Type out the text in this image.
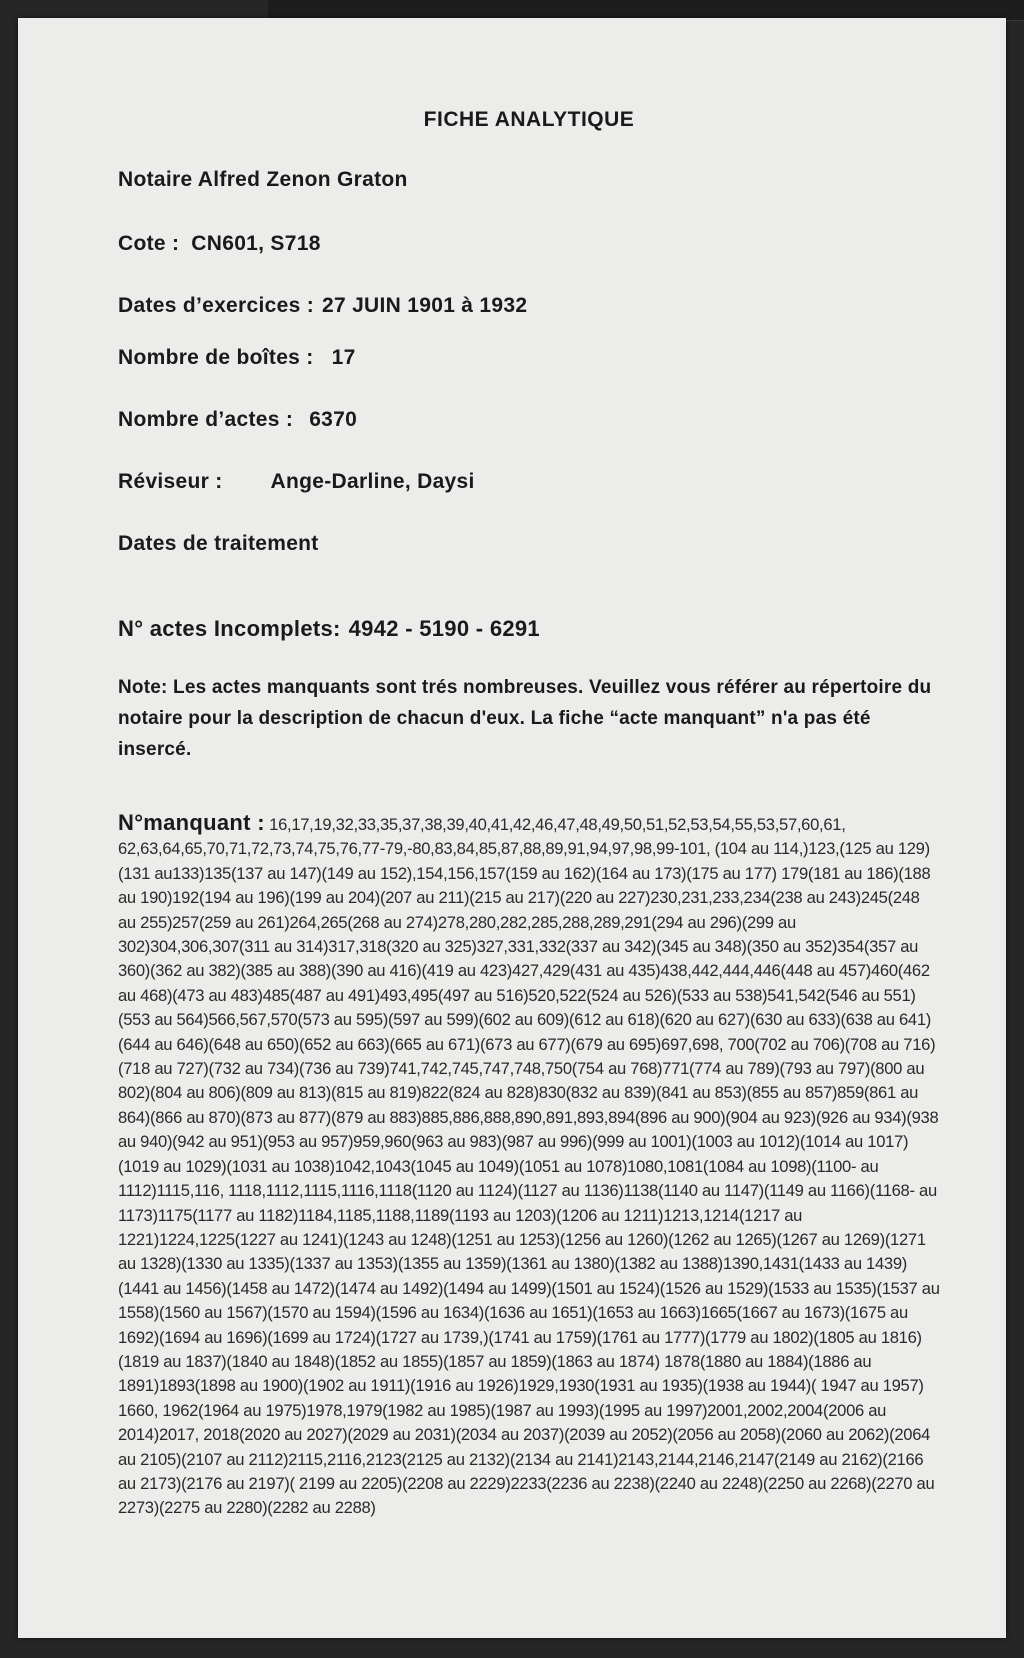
FICHE ANALYTIQUE

Notaire Alfred Zenon Graton

Cote : CN601, S718

Dates d’exercices : 27 JUIN 1901 à 1932

Nombre de boîtes : 17

Nombre d’actes : 6370

Réviseur : Ange-Darline, Daysi

Dates de traitement

N° actes Incomplets: 4942 - 5190 - 6291

Note: Les actes manquants sont trés nombreuses. Veuillez vous référer au répertoire du notaire pour la description de chacun d'eux. La fiche “acte manquant” n'a pas été insercé.

N°manquant : 16,17,19,32,33,35,37,38,39,40,41,42,46,47,48,49,50,51,52,53,54,55,53,57,60,61, 62,63,64,65,70,71,72,73,74,75,76,77-79,-80,83,84,85,87,88,89,91,94,97,98,99-101, (104 au 114,)123,(125 au 129)(131 au133)135(137 au 147)(149 au 152),154,156,157(159 au 162)(164 au 173)(175 au 177) 179(181 au 186)(188 au 190)192(194 au 196)(199 au 204)(207 au 211)(215 au 217)(220 au 227)230,231,233,234(238 au 243)245(248 au 255)257(259 au 261)264,265(268 au 274)278,280,282,285,288,289,291(294 au 296)(299 au 302)304,306,307(311 au 314)317,318(320 au 325)327,331,332(337 au 342)(345 au 348)(350 au 352)354(357 au 360)(362 au 382)(385 au 388)(390 au 416)(419 au 423)427,429(431 au 435)438,442,444,446(448 au 457)460(462 au 468)(473 au 483)485(487 au 491)493,495(497 au 516)520,522(524 au 526)(533 au 538)541,542(546 au 551)(553 au 564)566,567,570(573 au 595)(597 au 599)(602 au 609)(612 au 618)(620 au 627)(630 au 633)(638 au 641)(644 au 646)(648 au 650)(652 au 663)(665 au 671)(673 au 677)(679 au 695)697,698, 700(702 au 706)(708 au 716)(718 au 727)(732 au 734)(736 au 739)741,742,745,747,748,750(754 au 768)771(774 au 789)(793 au 797)(800 au 802)(804 au 806)(809 au 813)(815 au 819)822(824 au 828)830(832 au 839)(841 au 853)(855 au 857)859(861 au 864)(866 au 870)(873 au 877)(879 au 883)885,886,888,890,891,893,894(896 au 900)(904 au 923)(926 au 934)(938 au 940)(942 au 951)(953 au 957)959,960(963 au 983)(987 au 996)(999 au 1001)(1003 au 1012)(1014 au 1017)(1019 au 1029)(1031 au 1038)1042,1043(1045 au 1049)(1051 au 1078)1080,1081(1084 au 1098)(1100- au 1112)1115,116, 1118,1112,1115,1116,1118(1120 au 1124)(1127 au 1136)1138(1140 au 1147)(1149 au 1166)(1168- au 1173)1175(1177 au 1182)1184,1185,1188,1189(1193 au 1203)(1206 au 1211)1213,1214(1217 au 1221)1224,1225(1227 au 1241)(1243 au 1248)(1251 au 1253)(1256 au 1260)(1262 au 1265)(1267 au 1269)(1271 au 1328)(1330 au 1335)(1337 au 1353)(1355 au 1359)(1361 au 1380)(1382 au 1388)1390,1431(1433 au 1439)(1441 au 1456)(1458 au 1472)(1474 au 1492)(1494 au 1499)(1501 au 1524)(1526 au 1529)(1533 au 1535)(1537 au 1558)(1560 au 1567)(1570 au 1594)(1596 au 1634)(1636 au 1651)(1653 au 1663)1665(1667 au 1673)(1675 au 1692)(1694 au 1696)(1699 au 1724)(1727 au 1739,)(1741 au 1759)(1761 au 1777)(1779 au 1802)(1805 au 1816)(1819 au 1837)(1840 au 1848)(1852 au 1855)(1857 au 1859)(1863 au 1874) 1878(1880 au 1884)(1886 au 1891)1893(1898 au 1900)(1902 au 1911)(1916 au 1926)1929,1930(1931 au 1935)(1938 au 1944)( 1947 au 1957) 1660, 1962(1964 au 1975)1978,1979(1982 au 1985)(1987 au 1993)(1995 au 1997)2001,2002,2004(2006 au 2014)2017, 2018(2020 au 2027)(2029 au 2031)(2034 au 2037)(2039 au 2052)(2056 au 2058)(2060 au 2062)(2064 au 2105)(2107 au 2112)2115,2116,2123(2125 au 2132)(2134 au 2141)2143,2144,2146,2147(2149 au 2162)(2166 au 2173)(2176 au 2197)( 2199 au 2205)(2208 au 2229)2233(2236 au 2238)(2240 au 2248)(2250 au 2268)(2270 au 2273)(2275 au 2280)(2282 au 2288)
